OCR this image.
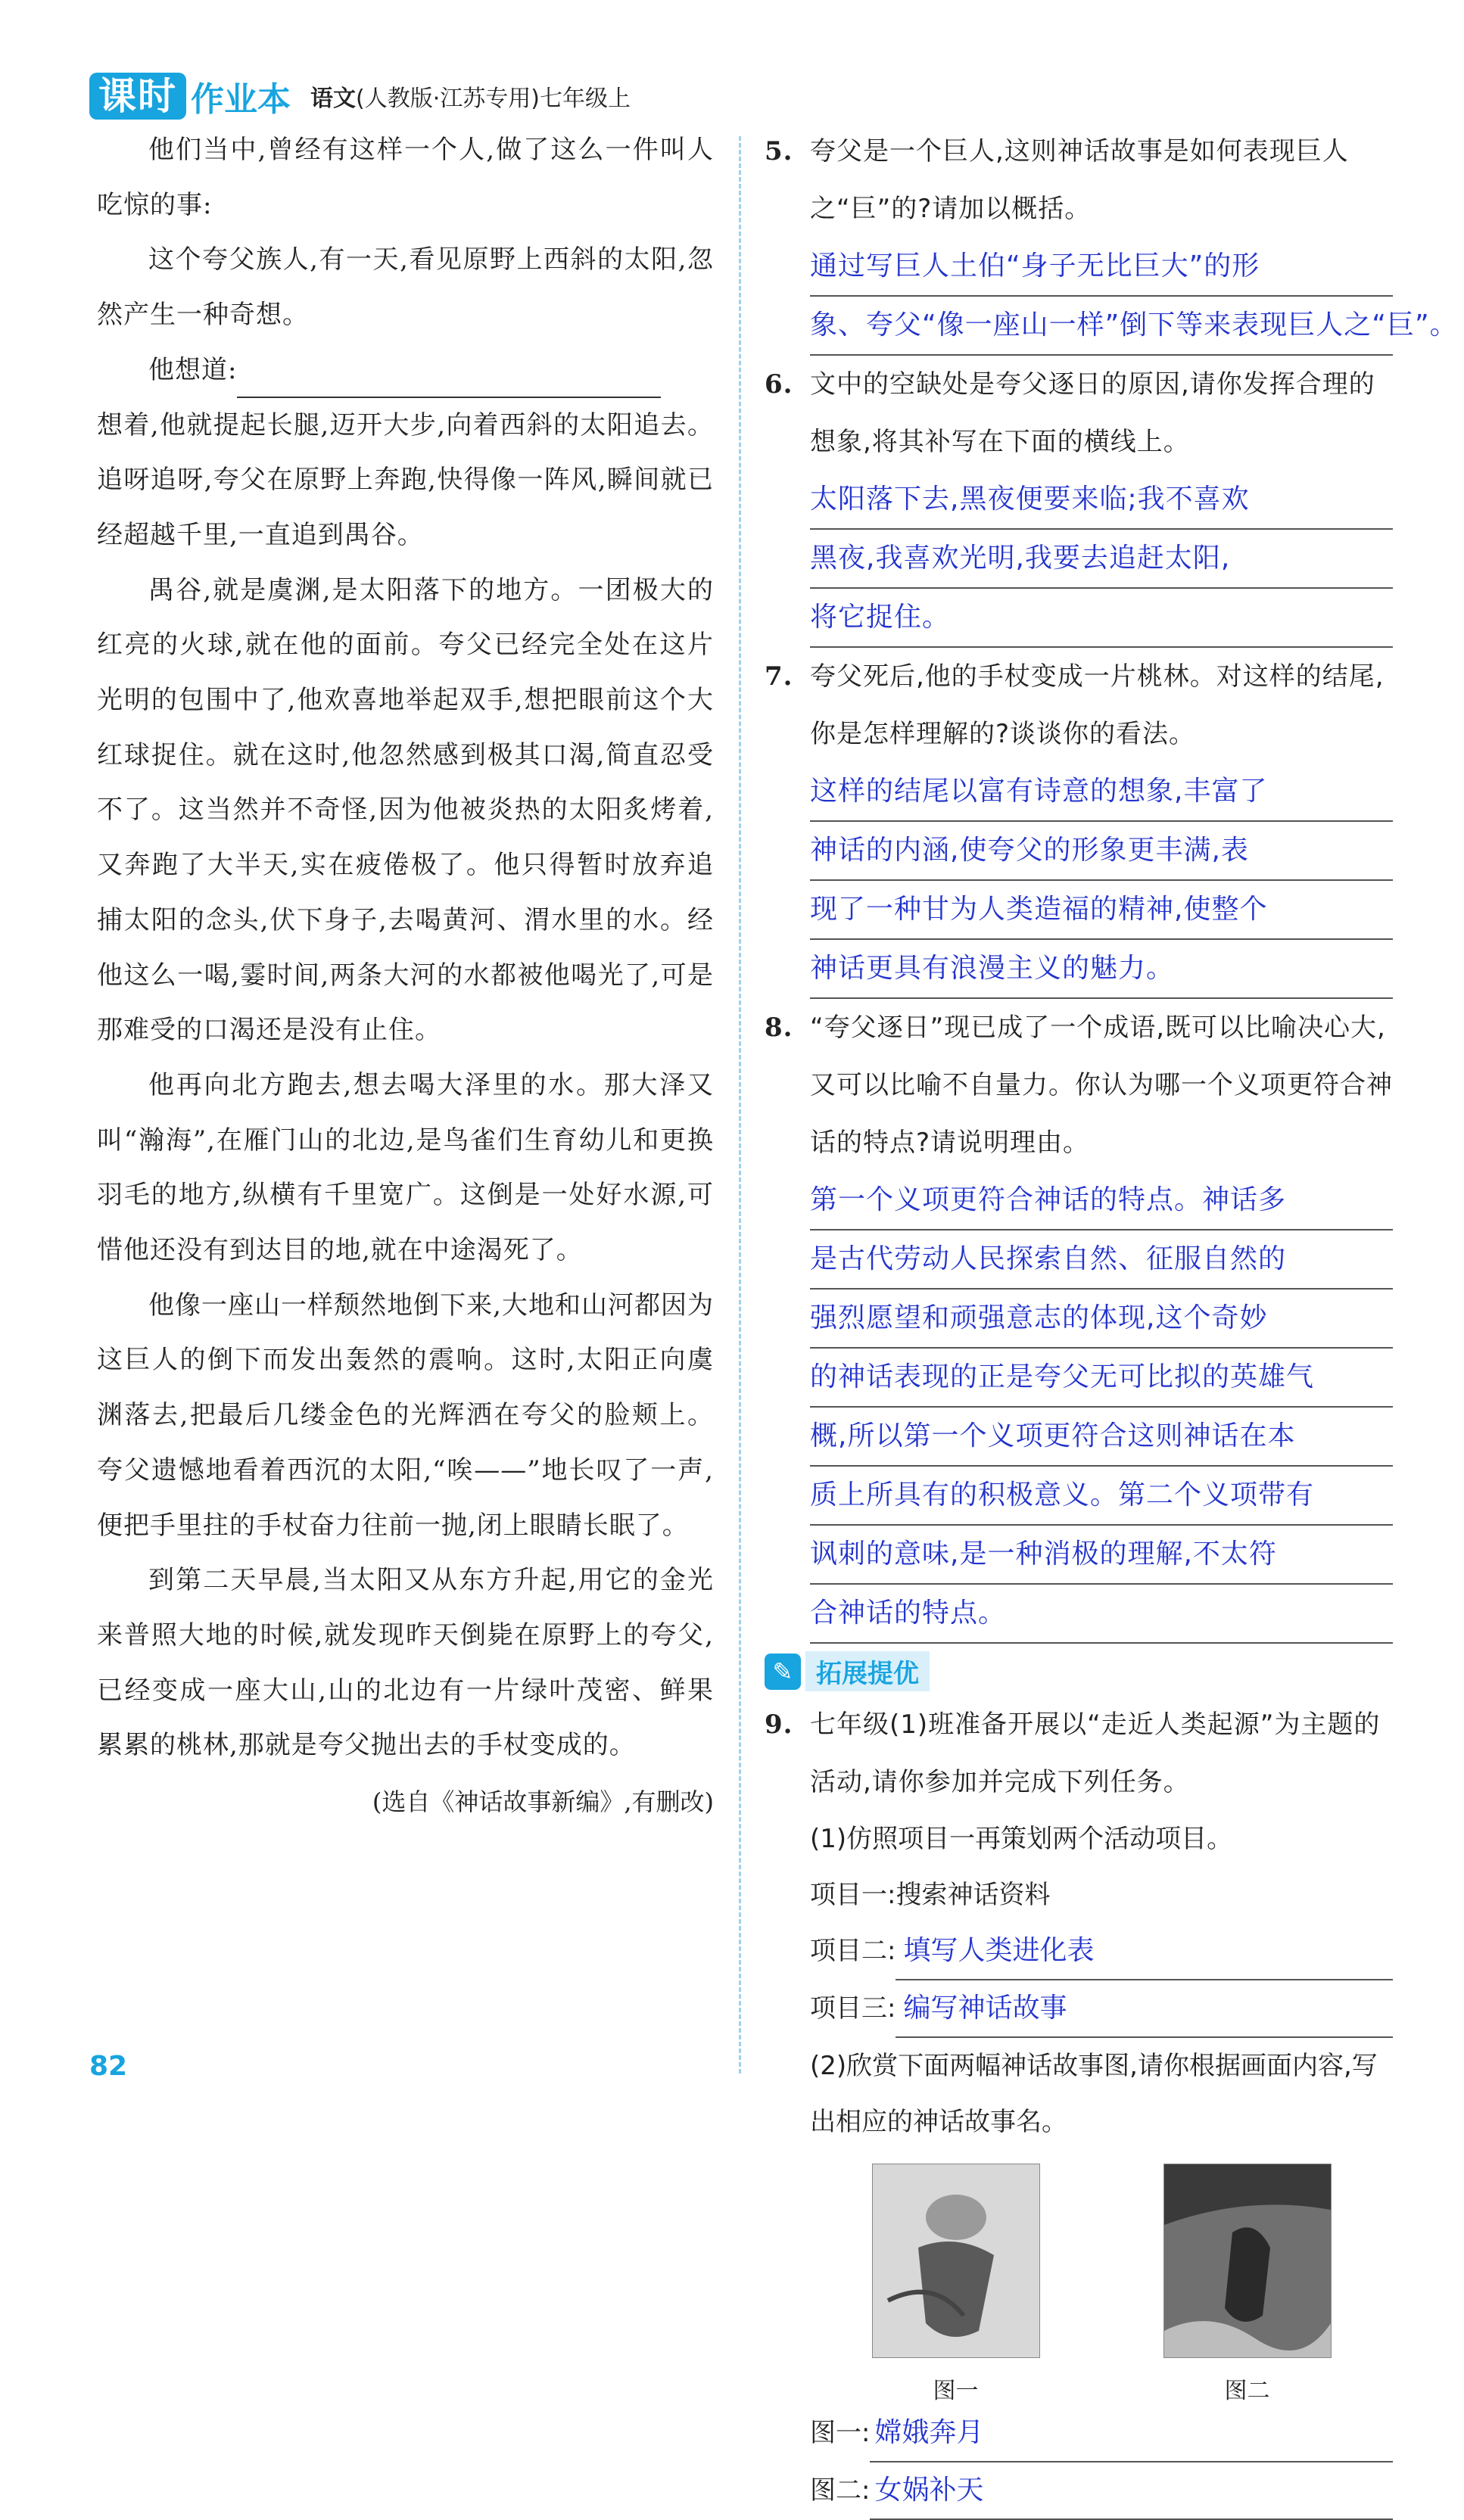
课时 作业本 语文 (人教版·江苏专用)七年级上

他们当中,曾经有这样一个人,做了这么一件叫人吃惊的事:

这个夸父族人,有一天,看见原野上西斜的太阳,忽然产生一种奇想。

他想道:

想着,他就提起长腿,迈开大步,向着西斜的太阳追去。追呀追呀,夸父在原野上奔跑,快得像一阵风,瞬间就已经超越千里,一直追到禺谷。

禺谷,就是虞渊,是太阳落下的地方。一团极大的红亮的火球,就在他的面前。夸父已经完全处在这片光明的包围中了,他欢喜地举起双手,想把眼前这个大红球捉住。就在这时,他忽然感到极其口渴,简直忍受不了。这当然并不奇怪,因为他被炎热的太阳炙烤着,又奔跑了大半天,实在疲倦极了。他只得暂时放弃追捕太阳的念头,伏下身子,去喝黄河、渭水里的水。经他这么一喝,霎时间,两条大河的水都被他喝光了,可是那难受的口渴还是没有止住。

他再向北方跑去,想去喝大泽里的水。那大泽又叫“瀚海”,在雁门山的北边,是鸟雀们生育幼儿和更换羽毛的地方,纵横有千里宽广。这倒是一处好水源,可惜他还没有到达目的地,就在中途渴死了。

他像一座山一样颓然地倒下来,大地和山河都因为这巨人的倒下而发出轰然的震响。这时,太阳正向虞渊落去,把最后几缕金色的光辉洒在夸父的脸颊上。夸父遗憾地看着西沉的太阳,“唉——”地长叹了一声,便把手里拄的手杖奋力往前一抛,闭上眼睛长眠了。

到第二天早晨,当太阳又从东方升起,用它的金光来普照大地的时候,就发现昨天倒毙在原野上的夸父,已经变成一座大山,山的北边有一片绿叶茂密、鲜果累累的桃林,那就是夸父抛出去的手杖变成的。

(选自《神话故事新编》,有删改)
5. 夸父是一个巨人,这则神话故事是如何表现巨人之“巨”的?请加以概括。

通过写巨人土伯“身子无比巨大”的形
象、夸父“像一座山一样”倒下等来表现巨人之“巨”。
6. 文中的空缺处是夸父逐日的原因,请你发挥合理的想象,将其补写在下面的横线上。

太阳落下去,黑夜便要来临;我不喜欢
黑夜,我喜欢光明,我要去追赶太阳,
将它捉住。
7. 夸父死后,他的手杖变成一片桃林。对这样的结尾,你是怎样理解的?谈谈你的看法。

这样的结尾以富有诗意的想象,丰富了
神话的内涵,使夸父的形象更丰满,表
现了一种甘为人类造福的精神,使整个
神话更具有浪漫主义的魅力。
8. “夸父逐日”现已成了一个成语,既可以比喻决心大,又可以比喻不自量力。你认为哪一个义项更符合神话的特点?请说明理由。

第一个义项更符合神话的特点。神话多
是古代劳动人民探索自然、征服自然的
强烈愿望和顽强意志的体现,这个奇妙
的神话表现的正是夸父无可比拟的英雄气
概,所以第一个义项更符合这则神话在本
质上所具有的积极意义。第二个义项带有
讽刺的意味,是一种消极的理解,不太符
合神话的特点。
✎ 拓展提优
9. 七年级(1)班准备开展以“走近人类起源”为主题的活动,请你参加并完成下列任务。

(1)仿照项目一再策划两个活动项目。
项目一: 搜索神话资料
项目二: 填写人类进化表
项目三: 编写神话故事
(2)欣赏下面两幅神话故事图,请你根据画面内容,写出相应的神话故事名。
图一	图二
图一: 嫦娥奔月
图二: 女娲补天
82
